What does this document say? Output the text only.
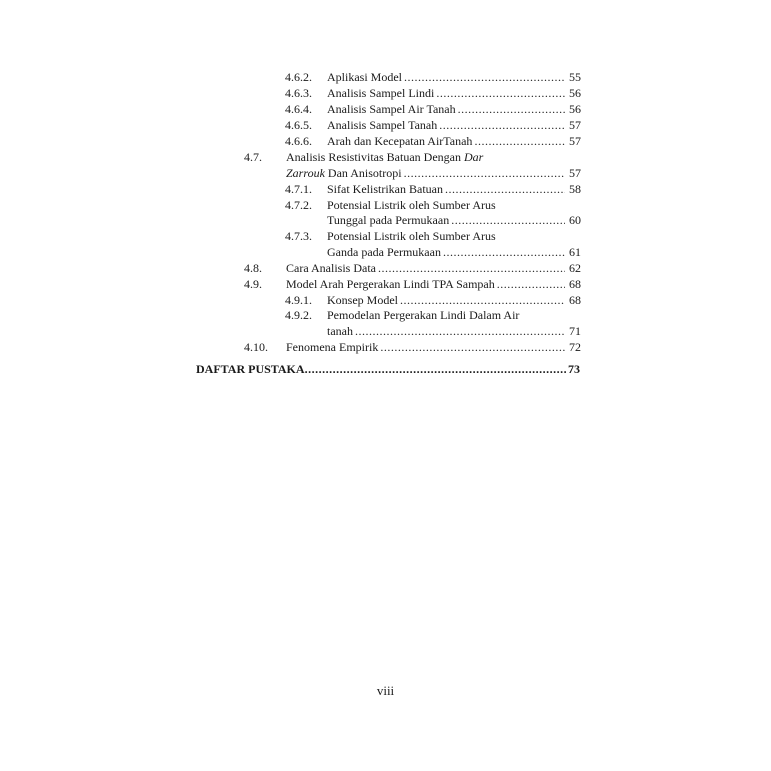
4.6.2. Aplikasi Model .....	55
4.6.3. Analisis Sampel Lindi .....	56
4.6.4. Analisis Sampel Air Tanah .....	56
4.6.5. Analisis Sampel Tanah .....	57
4.6.6. Arah dan Kecepatan AirTanah .....	57
4.7. Analisis Resistivitas Batuan Dengan Dar
Zarrouk Dan Anisotropi .....	57
4.7.1. Sifat Kelistrikan Batuan .....	58
4.7.2. Potensial Listrik oleh Sumber Arus
Tunggal pada Permukaan .....	60
4.7.3. Potensial Listrik oleh Sumber Arus
Ganda pada Permukaan .....	61
4.8. Cara Analisis Data .....	62
4.9. Model Arah Pergerakan Lindi TPA Sampah .....	68
4.9.1. Konsep Model .....	68
4.9.2. Pemodelan Pergerakan Lindi Dalam Air
tanah .....	71
4.10. Fenomena Empirik .....	72
DAFTAR PUSTAKA .....	73
viii
